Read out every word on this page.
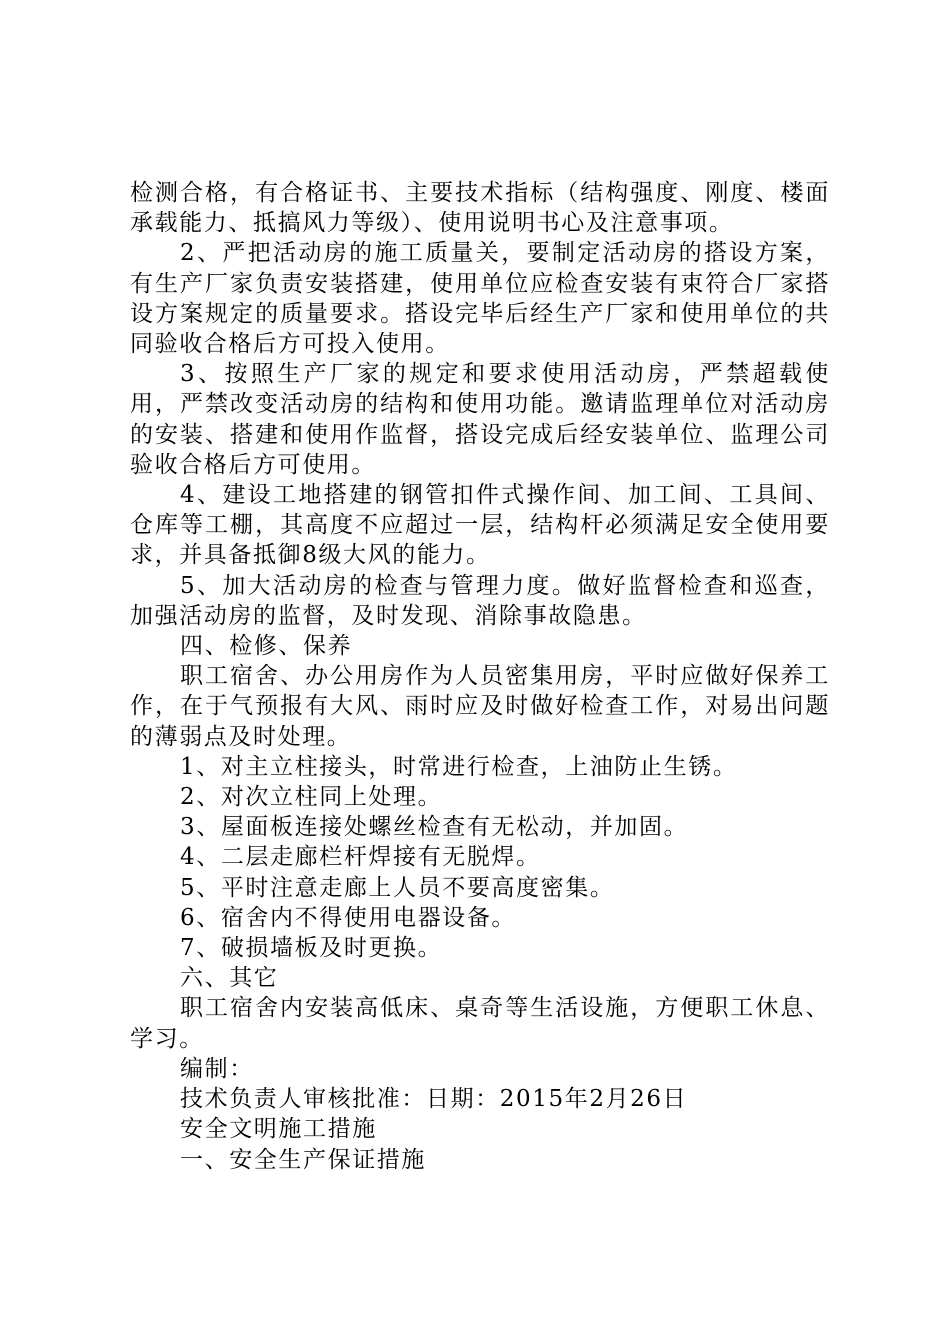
检测合格，有合格证书、主要技术指标（结构强度、刚度、楼面承载能力、抵搞风力等级）、使用说明书心及注意事项。

2、严把活动房的施工质量关，要制定活动房的搭设方案，有生产厂家负责安装搭建，使用单位应检查安装有束符合厂家搭设方案规定的质量要求。搭设完毕后经生产厂家和使用单位的共同验收合格后方可投入使用。

3、按照生产厂家的规定和要求使用活动房，严禁超载使用，严禁改变活动房的结构和使用功能。邀请监理单位对活动房的安装、搭建和使用作监督，搭设完成后经安装单位、监理公司验收合格后方可使用。

4、建设工地搭建的钢管扣件式操作间、加工间、工具间、仓库等工棚，其高度不应超过一层，结构杆必须满足安全使用要求，并具备抵御8级大风的能力。

5、加大活动房的检查与管理力度。做好监督检查和巡查，加强活动房的监督，及时发现、消除事故隐患。

四、检修、保养

职工宿舍、办公用房作为人员密集用房，平时应做好保养工作，在于气预报有大风、雨时应及时做好检查工作，对易出问题的薄弱点及时处理。

1、对主立柱接头，时常进行检查，上油防止生锈。

2、对次立柱同上处理。

3、屋面板连接处螺丝检查有无松动，并加固。

4、二层走廊栏杆焊接有无脱焊。

5、平时注意走廊上人员不要高度密集。

6、宿舍内不得使用电器设备。

7、破损墙板及时更换。

六、其它

职工宿舍内安装高低床、桌奇等生活设施，方便职工休息、学习。

编制：

技术负责人审核批准：日期：2015年2月26日

安全文明施工措施

一、安全生产保证措施
